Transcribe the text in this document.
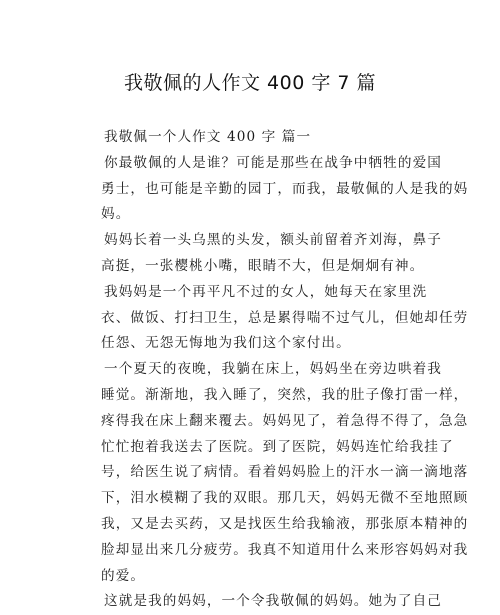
我敬佩的人作文 400 字 7 篇
我敬佩一个人作文 400 字 篇一
你最敬佩的人是谁？可能是那些在战争中牺牲的爱国
勇士，也可能是辛勤的园丁，而我，最敬佩的人是我的妈
妈。
妈妈长着一头乌黑的头发，额头前留着齐刘海，鼻子
高挺，一张樱桃小嘴，眼睛不大，但是炯炯有神。
我妈妈是一个再平凡不过的女人，她每天在家里洗
衣、做饭、打扫卫生，总是累得喘不过气儿，但她却任劳
任怨、无怨无悔地为我们这个家付出。
一个夏天的夜晚，我躺在床上，妈妈坐在旁边哄着我
睡觉。渐渐地，我入睡了，突然，我的肚子像打雷一样，
疼得我在床上翻来覆去。妈妈见了，着急得不得了，急急
忙忙抱着我送去了医院。到了医院，妈妈连忙给我挂了
号，给医生说了病情。看着妈妈脸上的汗水一滴一滴地落
下，泪水模糊了我的双眼。那几天，妈妈无微不至地照顾
我，又是去买药，又是找医生给我输液，那张原本精神的
脸却显出来几分疲劳。我真不知道用什么来形容妈妈对我
的爱。
这就是我的妈妈，一个令我敬佩的妈妈。她为了自己
